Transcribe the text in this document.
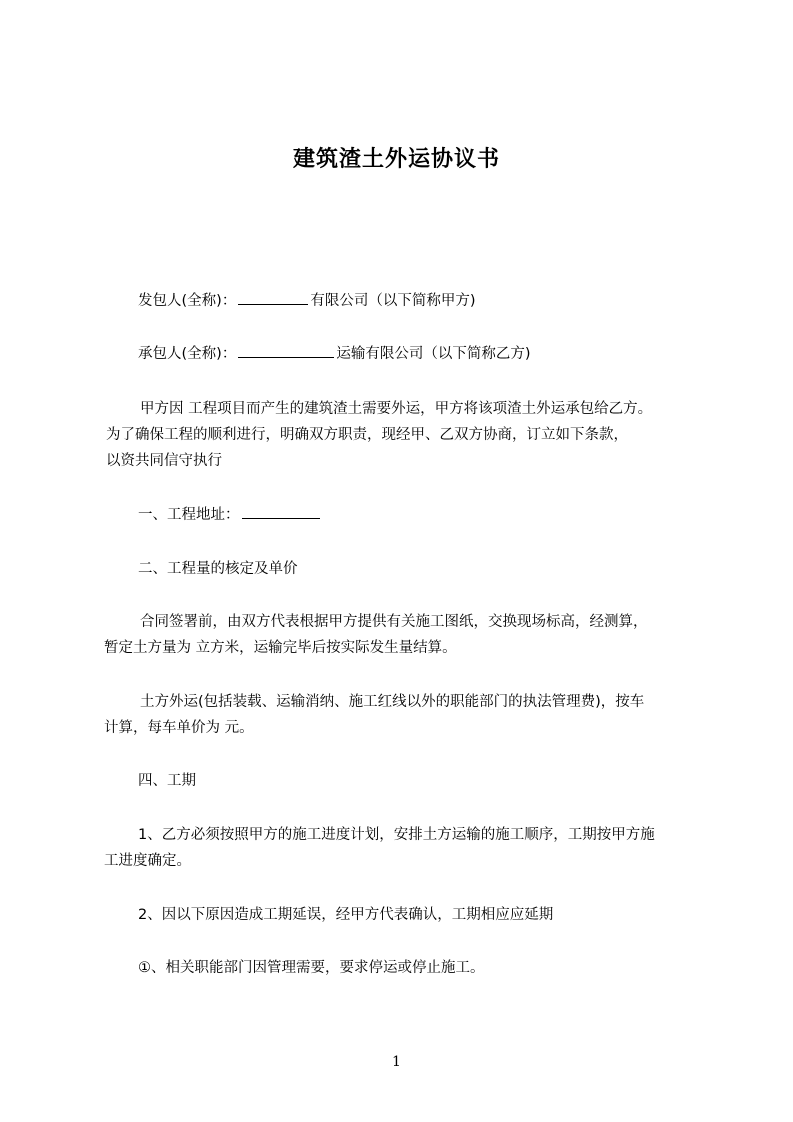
建筑渣土外运协议书
发包人(全称)：	有限公司（以下简称甲方)
承包人(全称)：	运输有限公司（以下简称乙方)
甲方因 工程项目而产生的建筑渣土需要外运，甲方将该项渣土外运承包给乙方。
为了确保工程的顺利进行，明确双方职责，现经甲、乙双方协商，订立如下条款，
以资共同信守执行
一、工程地址：
二、工程量的核定及单价
合同签署前，由双方代表根据甲方提供有关施工图纸，交换现场标高，经测算，
暂定土方量为 立方米，运输完毕后按实际发生量结算。
土方外运(包括装载、运输消纳、施工红线以外的职能部门的执法管理费)，按车
计算，每车单价为 元。
四、工期
1、乙方必须按照甲方的施工进度计划，安排土方运输的施工顺序，工期按甲方施
工进度确定。
2、因以下原因造成工期延误，经甲方代表确认，工期相应应延期
①、相关职能部门因管理需要，要求停运或停止施工。
1
